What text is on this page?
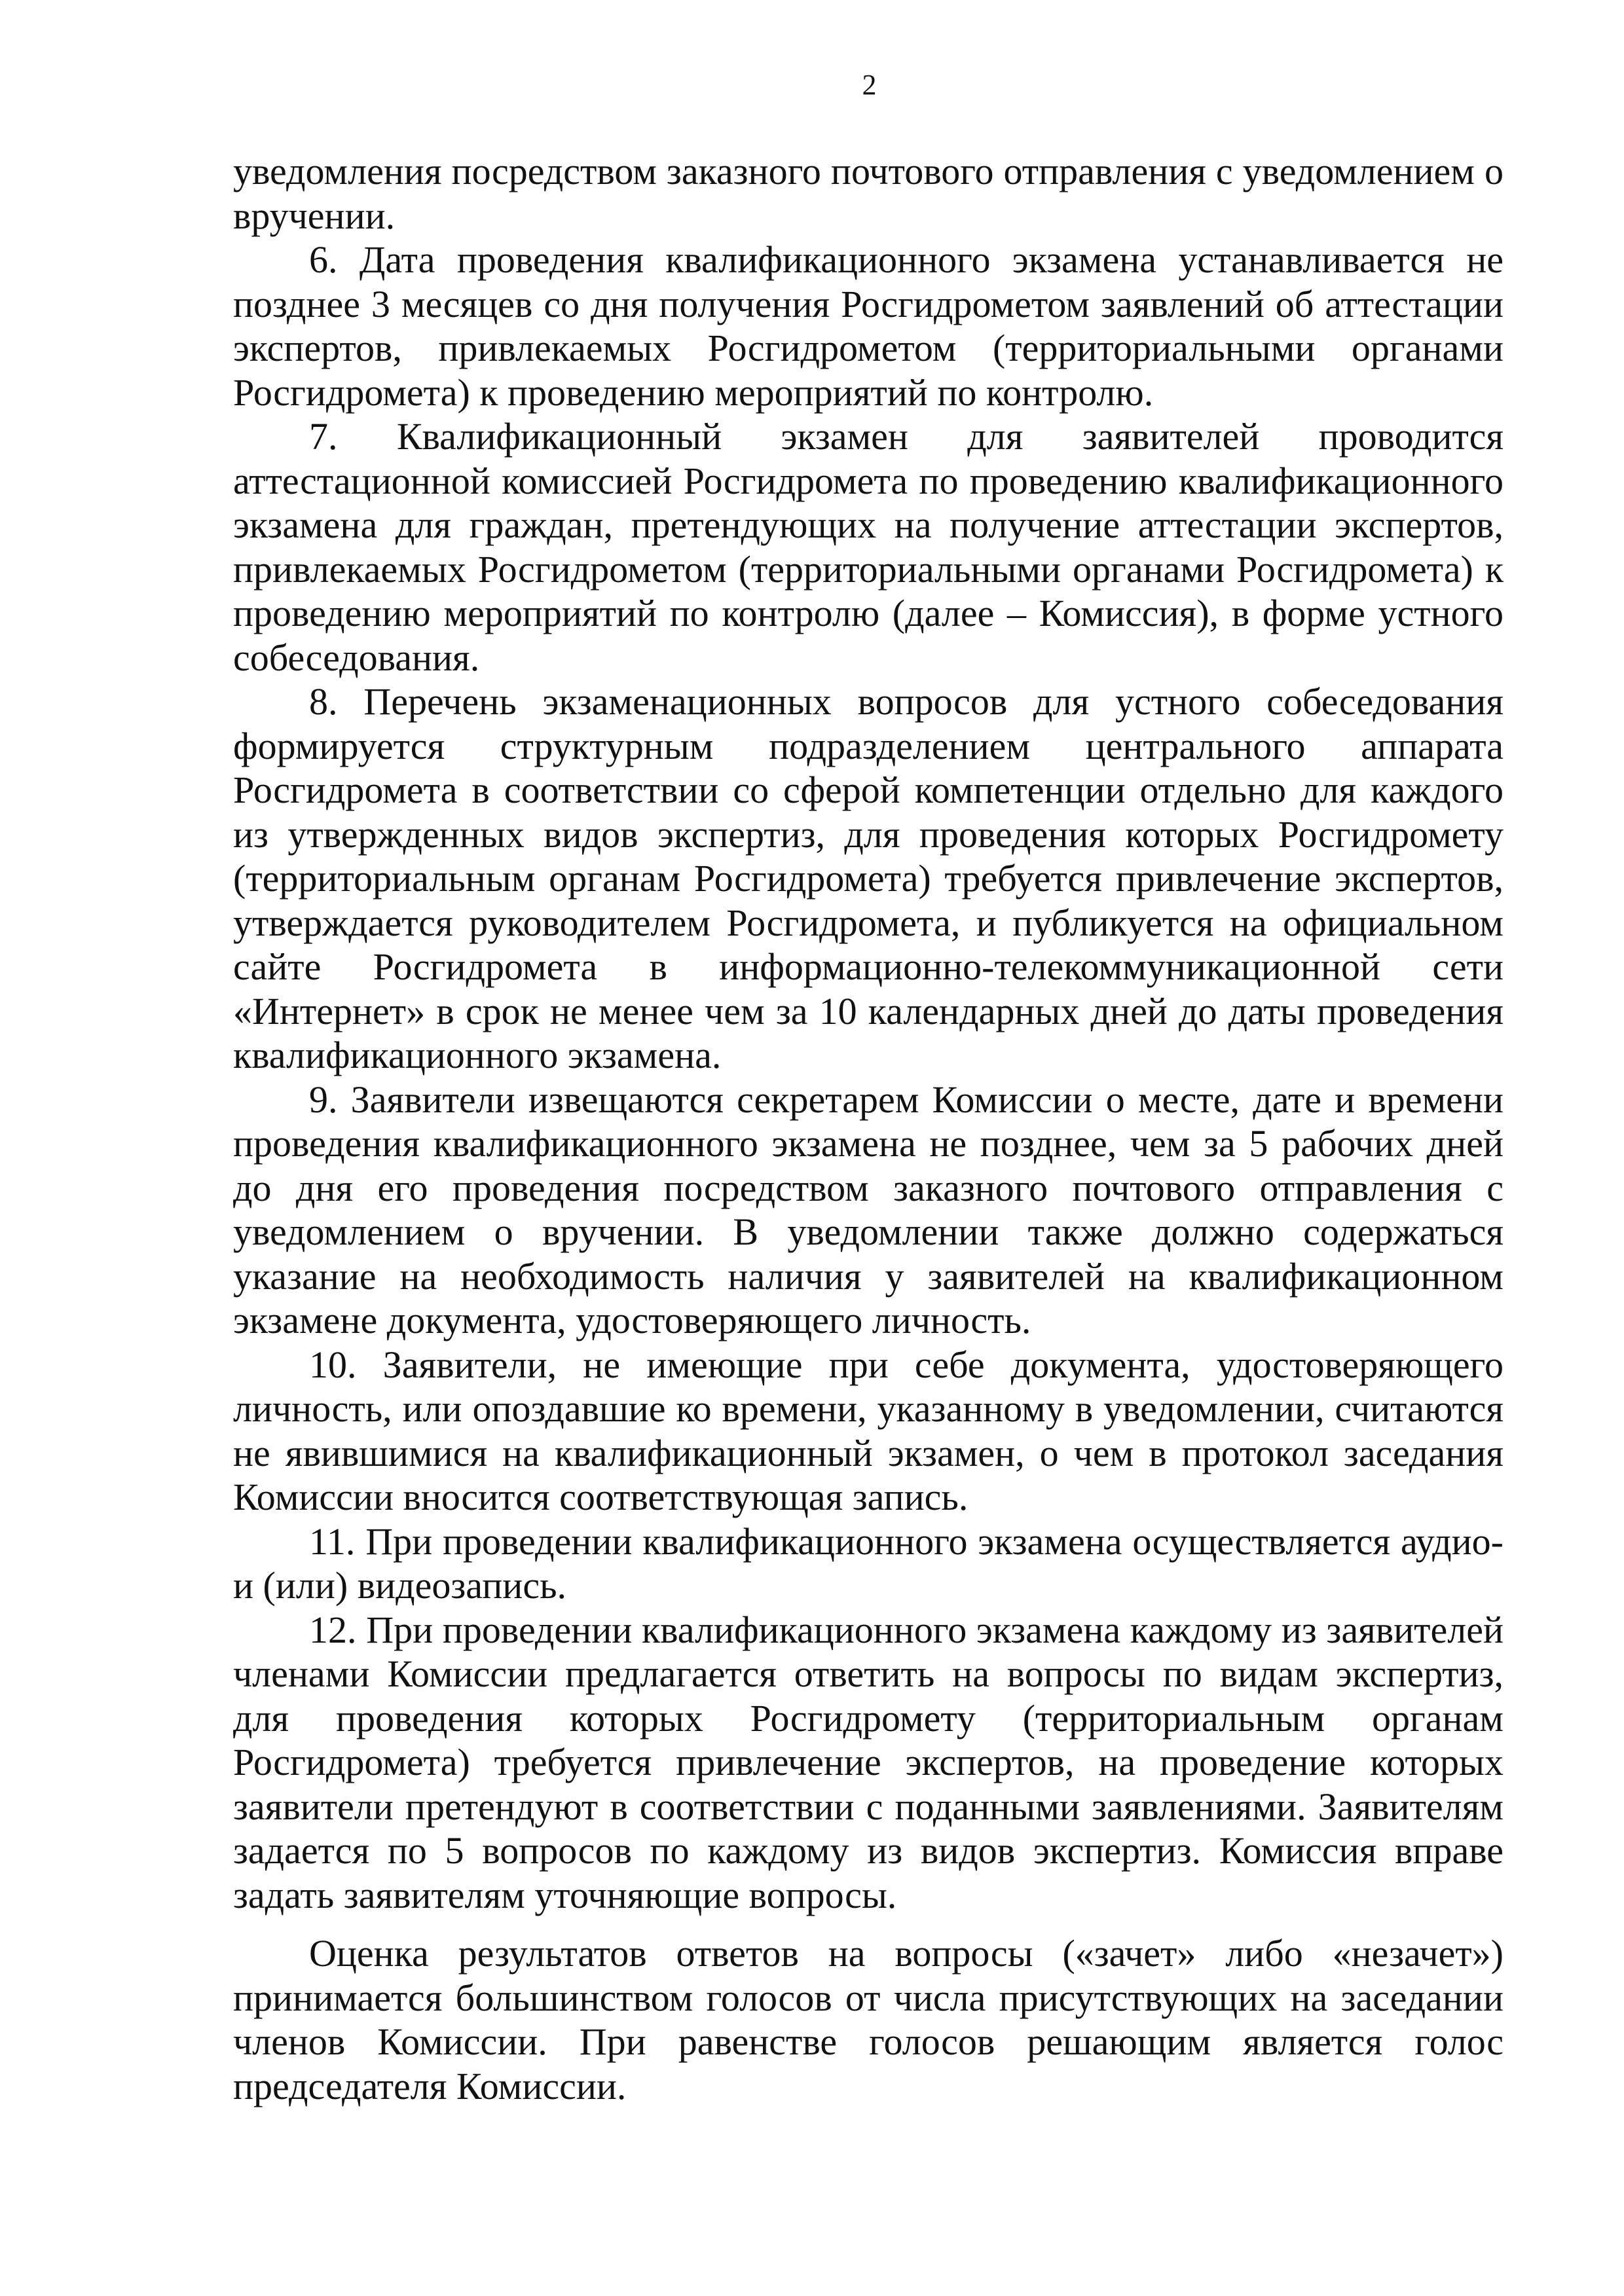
2

уведомления посредством заказного почтового отправления с уведомлением о вручении.

6. Дата проведения квалификационного экзамена устанавливается не позднее 3 месяцев со дня получения Росгидрометом заявлений об аттестации экспертов, привлекаемых Росгидрометом (территориальными органами Росгидромета) к проведению мероприятий по контролю.

7. Квалификационный экзамен для заявителей проводится аттестационной комиссией Росгидромета по проведению квалификационного экзамена для граждан, претендующих на получение аттестации экспертов, привлекаемых Росгидрометом (территориальными органами Росгидромета) к проведению мероприятий по контролю (далее – Комиссия), в форме устного собеседования.

8. Перечень экзаменационных вопросов для устного собеседования формируется структурным подразделением центрального аппарата Росгидромета в соответствии со сферой компетенции отдельно для каждого из утвержденных видов экспертиз, для проведения которых Росгидромету (территориальным органам Росгидромета) требуется привлечение экспертов, утверждается руководителем Росгидромета, и публикуется на официальном сайте Росгидромета в информационно-телекоммуникационной сети «Интернет» в срок не менее чем за 10 календарных дней до даты проведения квалификационного экзамена.

9. Заявители извещаются секретарем Комиссии о месте, дате и времени проведения квалификационного экзамена не позднее, чем за 5 рабочих дней до дня его проведения посредством заказного почтового отправления с уведомлением о вручении. В уведомлении также должно содержаться указание на необходимость наличия у заявителей на квалификационном экзамене документа, удостоверяющего личность.

10. Заявители, не имеющие при себе документа, удостоверяющего личность, или опоздавшие ко времени, указанному в уведомлении, считаются не явившимися на квалификационный экзамен, о чем в протокол заседания Комиссии вносится соответствующая запись.

11. При проведении квалификационного экзамена осуществляется аудио- и (или) видеозапись.

12. При проведении квалификационного экзамена каждому из заявителей членами Комиссии предлагается ответить на вопросы по видам экспертиз, для проведения которых Росгидромету (территориальным органам Росгидромета) требуется привлечение экспертов, на проведение которых заявители претендуют в соответствии с поданными заявлениями. Заявителям задается по 5 вопросов по каждому из видов экспертиз. Комиссия вправе задать заявителям уточняющие вопросы.

Оценка результатов ответов на вопросы («зачет» либо «незачет») принимается большинством голосов от числа присутствующих на заседании членов Комиссии. При равенстве голосов решающим является голос председателя Комиссии.
